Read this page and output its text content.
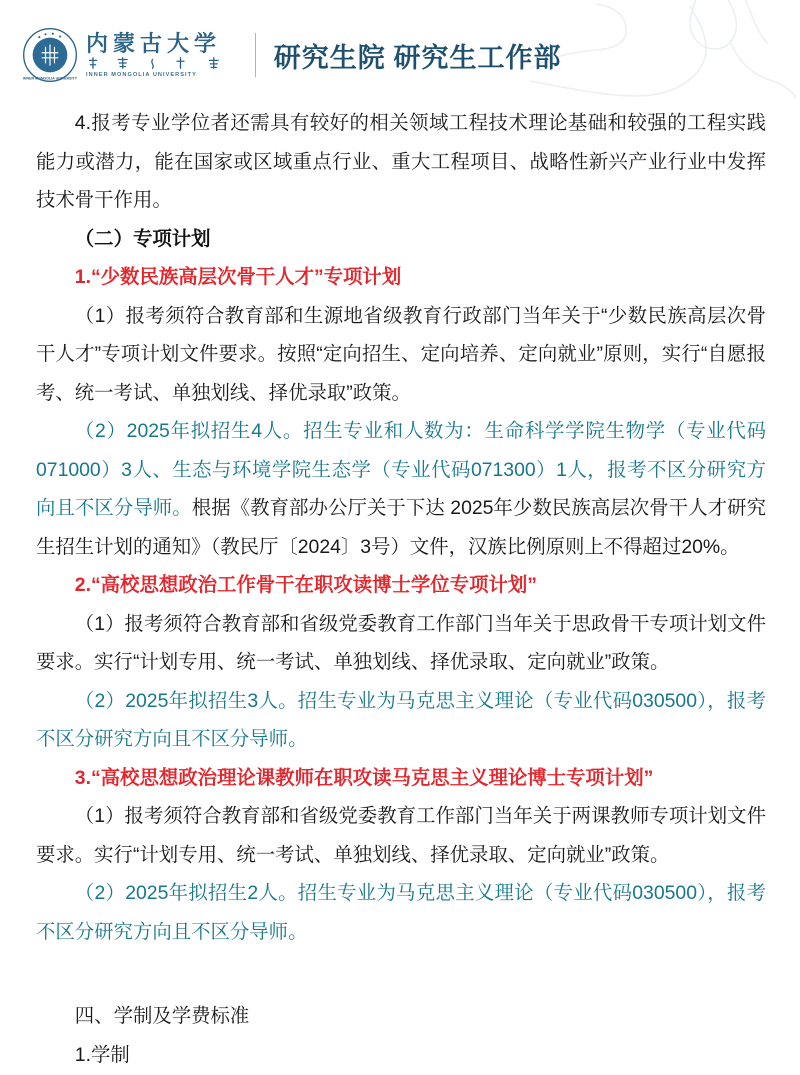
INNER MONGOLIA UNIVERSITY
内蒙古大学
INNER MONGOLIA UNIVERSITY
研究生院 研究生工作部

4.报考专业学位者还需具有较好的相关领域工程技术理论基础和较强的工程实践能力或潜力，能在国家或区域重点行业、重大工程项目、战略性新兴产业行业中发挥技术骨干作用。

（二）专项计划

1.“少数民族高层次骨干人才”专项计划

（1）报考须符合教育部和生源地省级教育行政部门当年关于“少数民族高层次骨干人才”专项计划文件要求。按照“定向招生、定向培养、定向就业”原则，实行“自愿报考、统一考试、单独划线、择优录取”政策。

（2）2025年拟招生4人。招生专业和人数为：生命科学学院生物学（专业代码071000）3人、生态与环境学院生态学（专业代码071300）1人，报考不区分研究方向且不区分导师。根据《教育部办公厅关于下达 2025年少数民族高层次骨干人才研究生招生计划的通知》（教民厅〔2024〕3号）文件，汉族比例原则上不得超过20%。

2.“高校思想政治工作骨干在职攻读博士学位专项计划”

（1）报考须符合教育部和省级党委教育工作部门当年关于思政骨干专项计划文件要求。实行“计划专用、统一考试、单独划线、择优录取、定向就业”政策。

（2）2025年拟招生3人。招生专业为马克思主义理论（专业代码030500），报考不区分研究方向且不区分导师。

3.“高校思想政治理论课教师在职攻读马克思主义理论博士专项计划”

（1）报考须符合教育部和省级党委教育工作部门当年关于两课教师专项计划文件要求。实行“计划专用、统一考试、单独划线、择优录取、定向就业”政策。

（2）2025年拟招生2人。招生专业为马克思主义理论（专业代码030500），报考不区分研究方向且不区分导师。

四、学制及学费标准

1.学制
